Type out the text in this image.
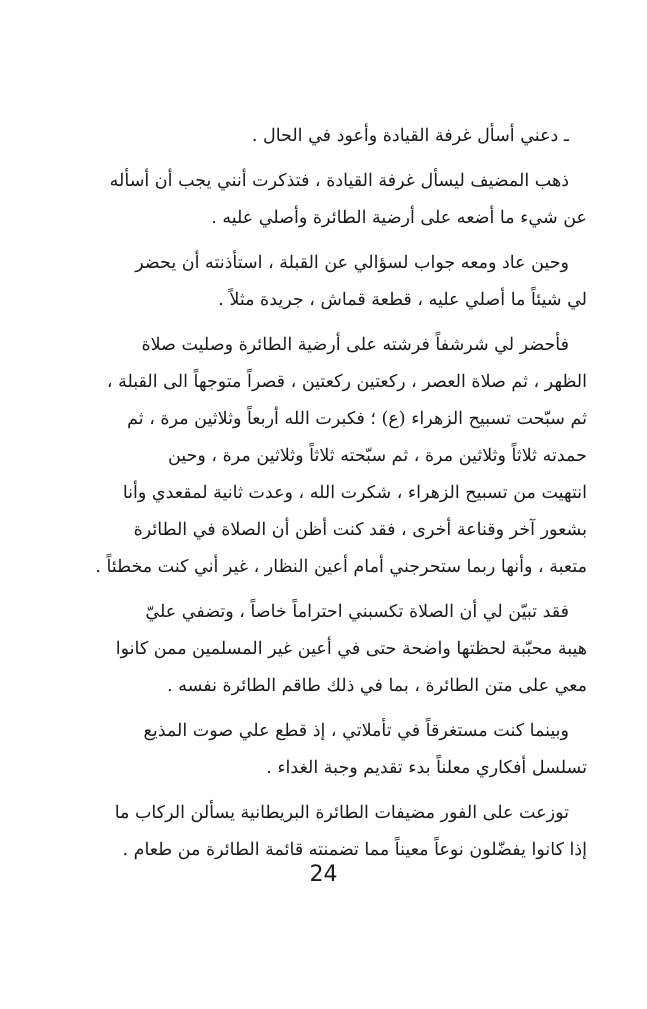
ـ دعني أسأل غرفة القيادة وأعود في الحال .
ذهب المضيف ليسأل غرفة القيادة ، فتذكرت أنني يجب أن أسأله
عن شيء ما أضعه على أرضية الطائرة وأصلي عليه .
وحين عاد ومعه جواب لسؤالي عن القبلة ، استأذنته أن يحضر
لي شيئاً ما أصلي عليه ، قطعة قماش ، جريدة مثلاً .
فأحضر لي شرشفاً فرشته على أرضية الطائرة وصليت صلاة
الظهر ، ثم صلاة العصر ، ركعتين ركعتين ، قصراً متوجهاً الى القبلة ،
ثم سبّحت تسبيح الزهراء (ع) ؛ فكبرت الله أربعاً وثلاثين مرة ، ثم
حمدته ثلاثاً وثلاثين مرة ، ثم سبّحته ثلاثاً وثلاثين مرة ، وحين
انتهيت من تسبيح الزهراء ، شكرت الله ، وعدت ثانية لمقعدي وأنا
بشعور آخر وقناعة أخرى ، فقد كنت أظن أن الصلاة في الطائرة
متعبة ، وأنها ربما ستحرجني أمام أعين النظار ، غير أني كنت مخطئاً .
فقد تبيّن لي أن الصلاة تكسبني احتراماً خاصاً ، وتضفي عليّ
هيبة محبّبة لحظتها واضحة حتى في أعين غير المسلمين ممن كانوا
معي على متن الطائرة ، بما في ذلك طاقم الطائرة نفسه .
وبينما كنت مستغرقاً في تأملاتي ، إذ قطع علي صوت المذيع
تسلسل أفكاري معلناً بدء تقديم وجبة الغداء .
توزعت على الفور مضيفات الطائرة البريطانية يسألن الركاب ما
إذا كانوا يفضّلون نوعاً معيناً مما تضمنته قائمة الطائرة من طعام .
24
